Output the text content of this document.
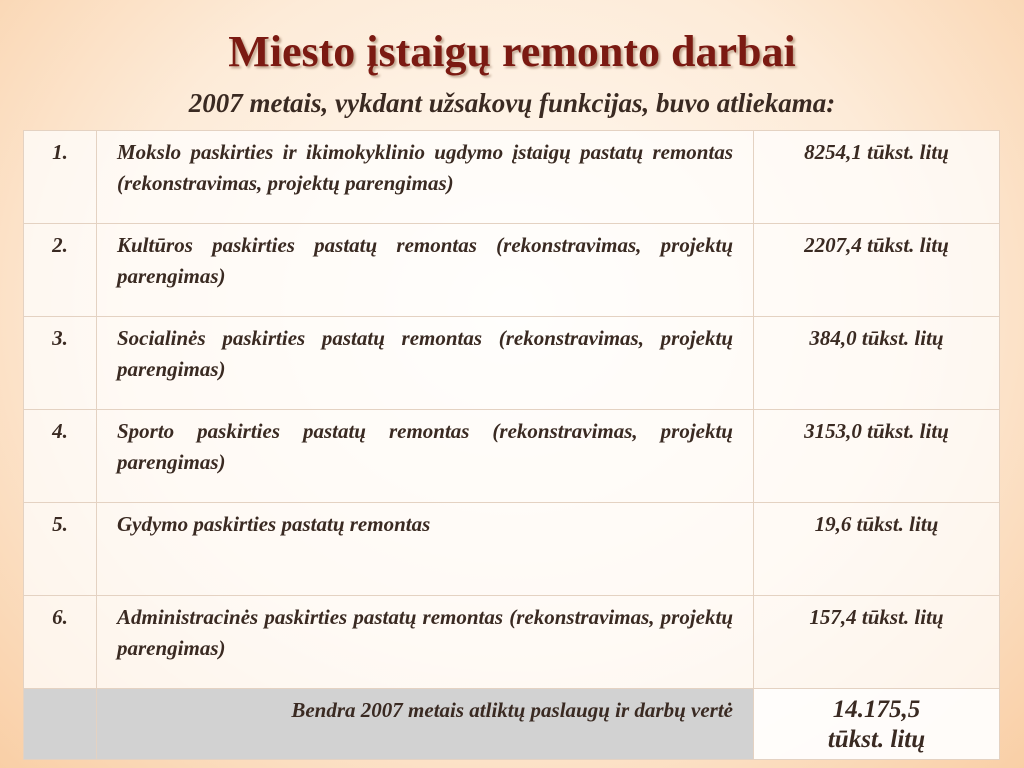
Miesto įstaigų remonto darbai
2007 metais, vykdant užsakovų funkcijas, buvo atliekama:
1.	Mokslo paskirties ir ikimokyklinio ugdymo įstaigų pastatų remontas (rekonstravimas, projektų parengimas)	8254,1 tūkst. litų
2.	Kultūros paskirties pastatų remontas (rekonstravimas, projektų parengimas)	2207,4 tūkst. litų
3.	Socialinės paskirties pastatų remontas (rekonstravimas, projektų parengimas)	384,0 tūkst. litų
4.	Sporto paskirties pastatų remontas (rekonstravimas, projektų parengimas)	3153,0 tūkst. litų
5.	Gydymo paskirties pastatų remontas	19,6 tūkst. litų
6.	Administracinės paskirties pastatų remontas (rekonstravimas, projektų parengimas)	157,4 tūkst. litų
	Bendra 2007 metais atliktų paslaugų ir darbų vertė	14.175,5
tūkst. litų
